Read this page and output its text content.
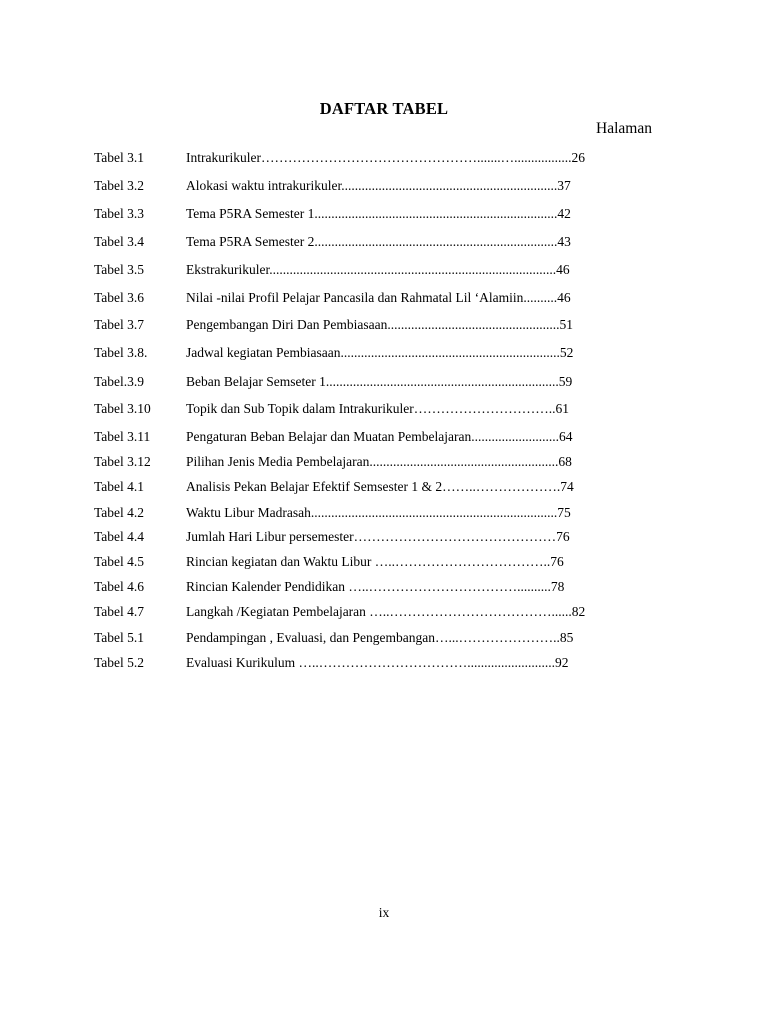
DAFTAR TABEL
Halaman
Tabel 3.1	Intrakurikuler………………………………………….......….................26
Tabel 3.2	Alokasi waktu intrakurikuler................................................................37
Tabel 3.3	Tema P5RA Semester 1........................................................................42
Tabel 3.4	Tema P5RA Semester 2........................................................................43
Tabel 3.5	Ekstrakurikuler.....................................................................................46
Tabel 3.6	Nilai -nilai Profil Pelajar Pancasila dan Rahmatal Lil ‘Alamiin..........46
Tabel 3.7	Pengembangan Diri Dan Pembiasaan...................................................51
Tabel 3.8.	Jadwal kegiatan Pembiasaan.................................................................52
Tabel.3.9	Beban Belajar Semseter 1.....................................................................59
Tabel 3.10	Topik dan Sub Topik dalam Intrakurikuler…………………………..61
Tabel 3.11	Pengaturan Beban Belajar dan Muatan Pembelajaran..........................64
Tabel 3.12	Pilihan Jenis Media Pembelajaran........................................................68
Tabel 4.1	Analisis Pekan Belajar Efektif Semsester 1 & 2……..……………….74
Tabel 4.2	Waktu Libur Madrasah.........................................................................75
Tabel 4.4	Jumlah Hari Libur persemester………………………………………76
Tabel 4.5	Rincian kegiatan dan Waktu Libur …..……………………………..76
Tabel 4.6	Rincian Kalender Pendidikan …..……………………………..........78
Tabel 4.7	Langkah /Kegiatan Pembelajaran …..………………………………......82
Tabel 5.1	Pendampingan , Evaluasi, dan Pengembangan…...…………………..85
Tabel 5.2	Evaluasi Kurikulum …..……………………………..........................92
ix
